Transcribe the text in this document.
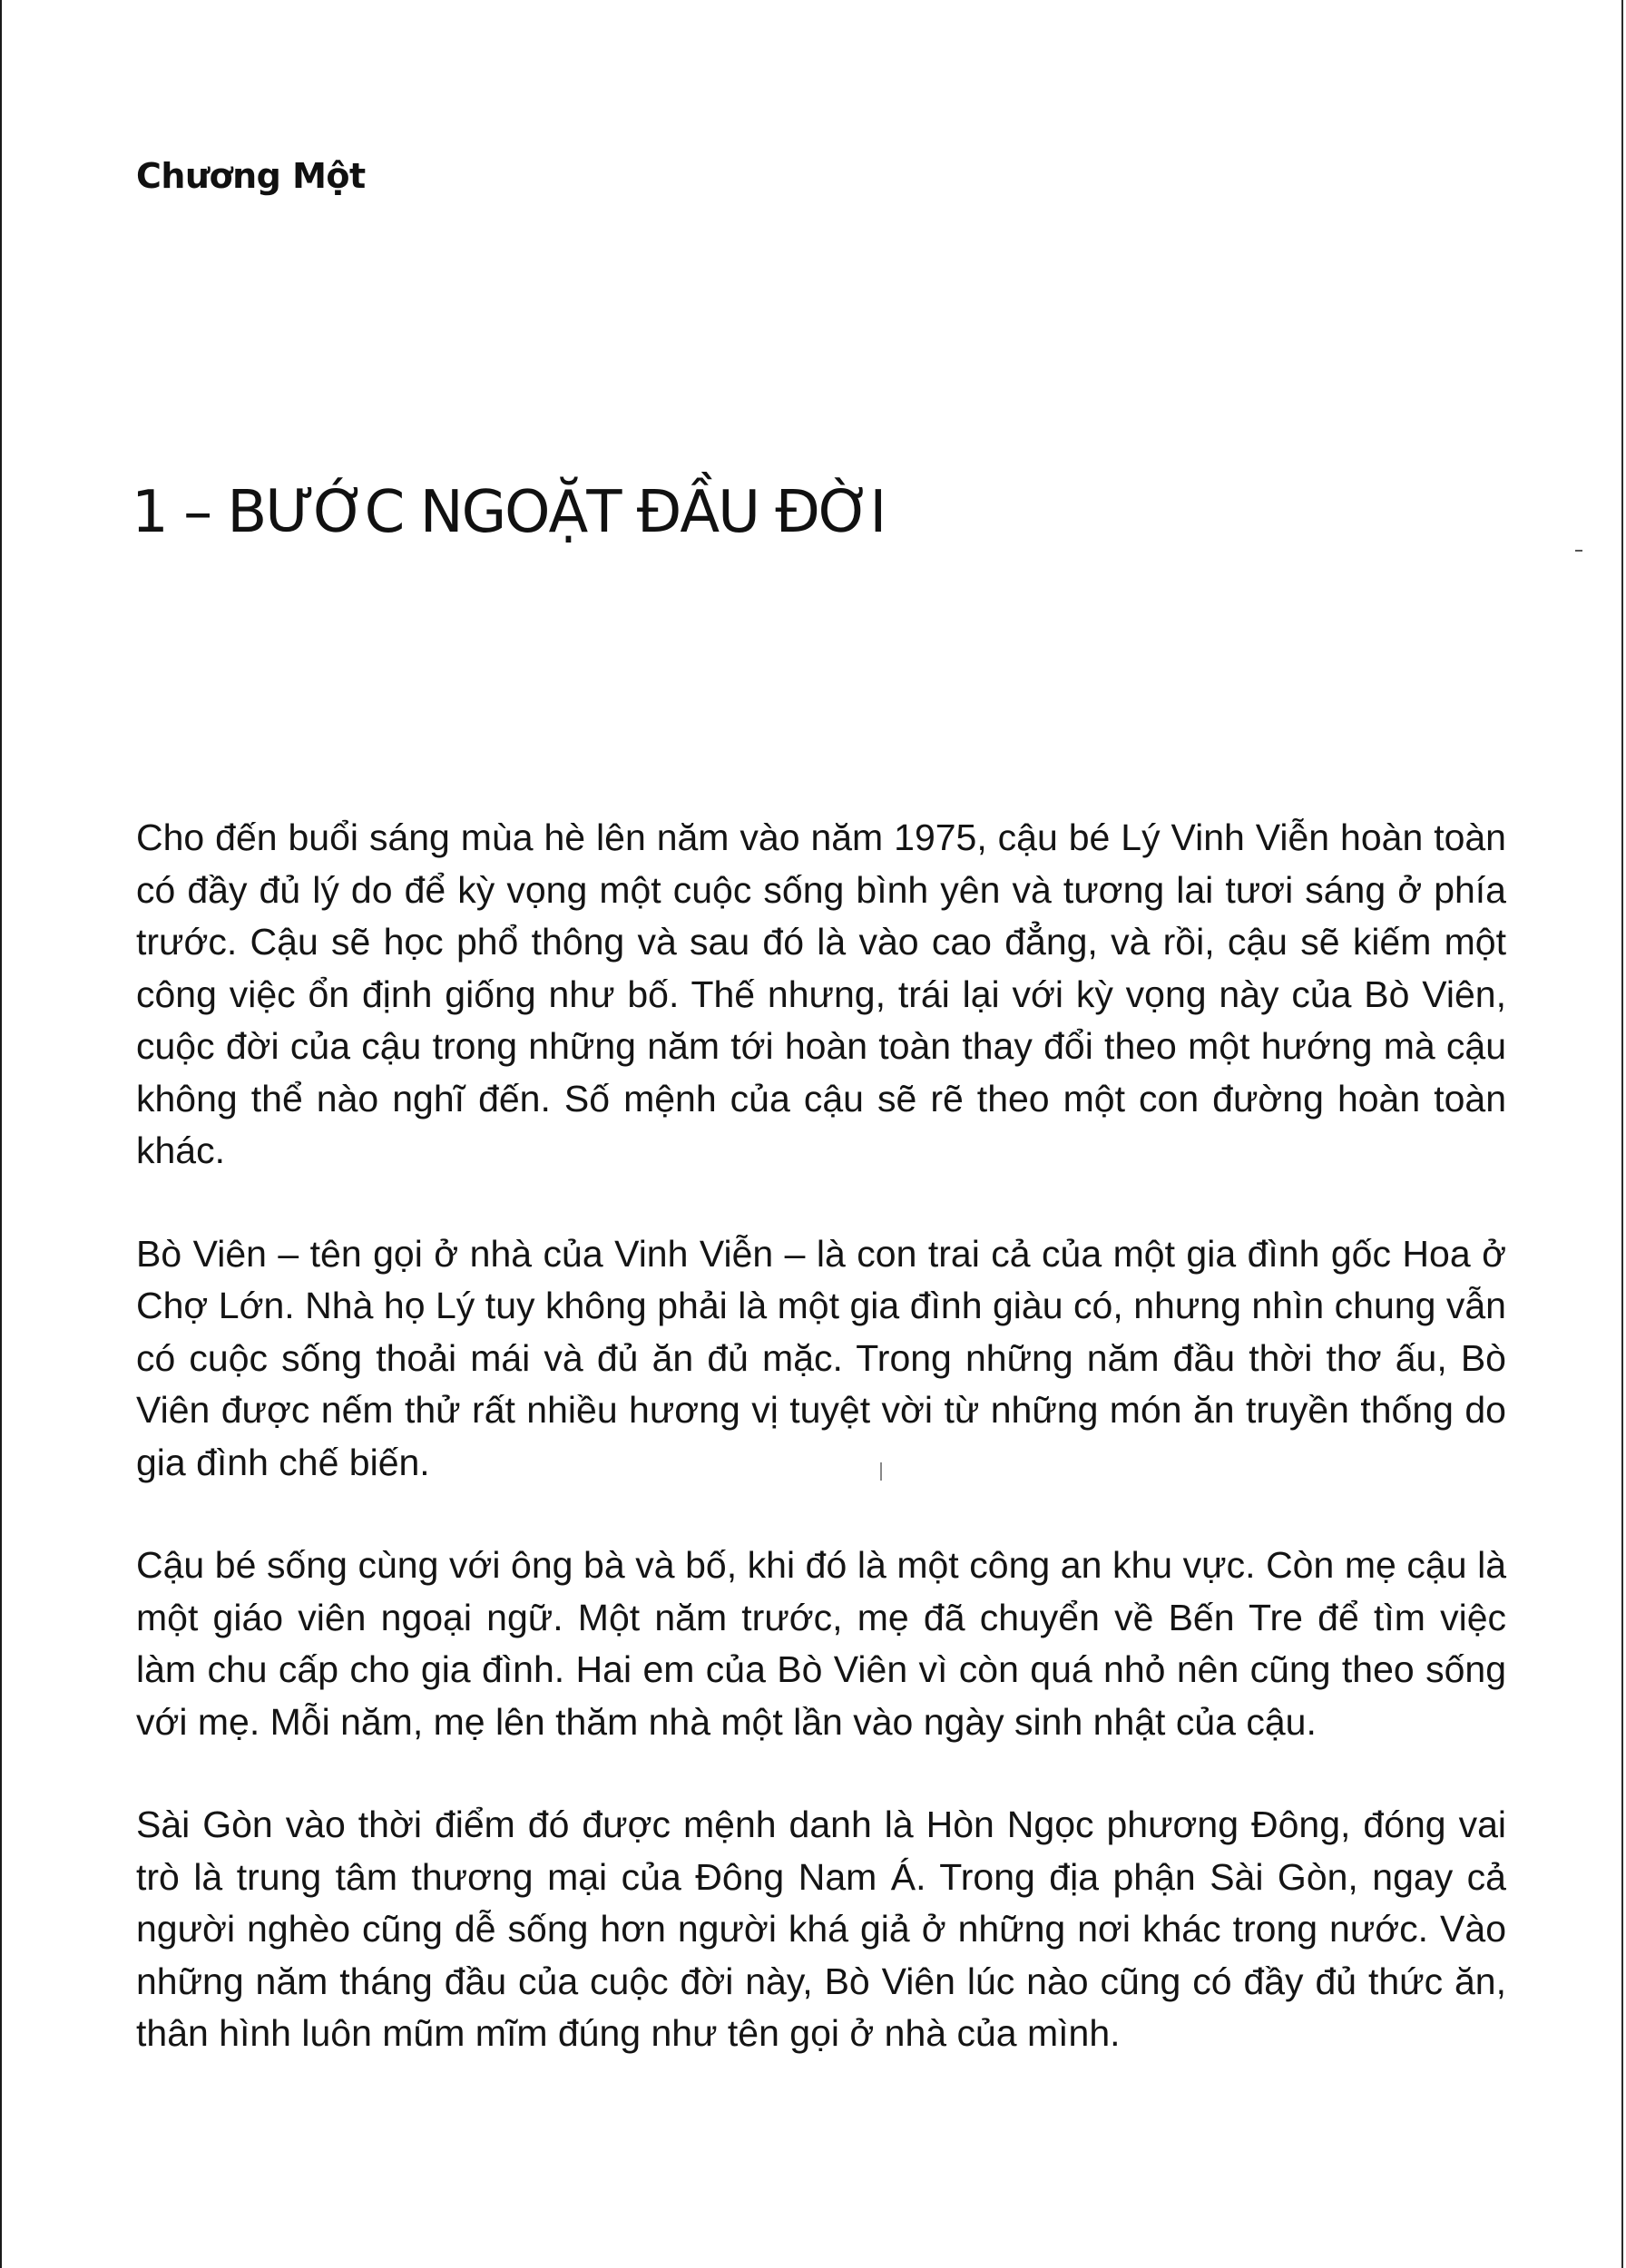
Chương Một
1 – BƯỚC NGOẶT ĐẦU ĐỜI

Cho đến buổi sáng mùa hè lên năm vào năm 1975, cậu bé Lý Vinh Viễn hoàn toàn có đầy đủ lý do để kỳ vọng một cuộc sống bình yên và tương lai tươi sáng ở phía trước. Cậu sẽ học phổ thông và sau đó là vào cao đẳng, và rồi, cậu sẽ kiếm một công việc ổn định giống như bố. Thế nhưng, trái lại với kỳ vọng này của Bò Viên, cuộc đời của cậu trong những năm tới hoàn toàn thay đổi theo một hướng mà cậu không thể nào nghĩ đến. Số mệnh của cậu sẽ rẽ theo một con đường hoàn toàn khác.

Bò Viên – tên gọi ở nhà của Vinh Viễn – là con trai cả của một gia đình gốc Hoa ở Chợ Lớn. Nhà họ Lý tuy không phải là một gia đình giàu có, nhưng nhìn chung vẫn có cuộc sống thoải mái và đủ ăn đủ mặc. Trong những năm đầu thời thơ ấu, Bò Viên được nếm thử rất nhiều hương vị tuyệt vời từ những món ăn truyền thống do gia đình chế biến.

Cậu bé sống cùng với ông bà và bố, khi đó là một công an khu vực. Còn mẹ cậu là một giáo viên ngoại ngữ. Một năm trước, mẹ đã chuyển về Bến Tre để tìm việc làm chu cấp cho gia đình. Hai em của Bò Viên vì còn quá nhỏ nên cũng theo sống với mẹ. Mỗi năm, mẹ lên thăm nhà một lần vào ngày sinh nhật của cậu.

Sài Gòn vào thời điểm đó được mệnh danh là Hòn Ngọc phương Đông, đóng vai trò là trung tâm thương mại của Đông Nam Á. Trong địa phận Sài Gòn, ngay cả người nghèo cũng dễ sống hơn người khá giả ở những nơi khác trong nước. Vào những năm tháng đầu của cuộc đời này, Bò Viên lúc nào cũng có đầy đủ thức ăn, thân hình luôn mũm mĩm đúng như tên gọi ở nhà của mình.
